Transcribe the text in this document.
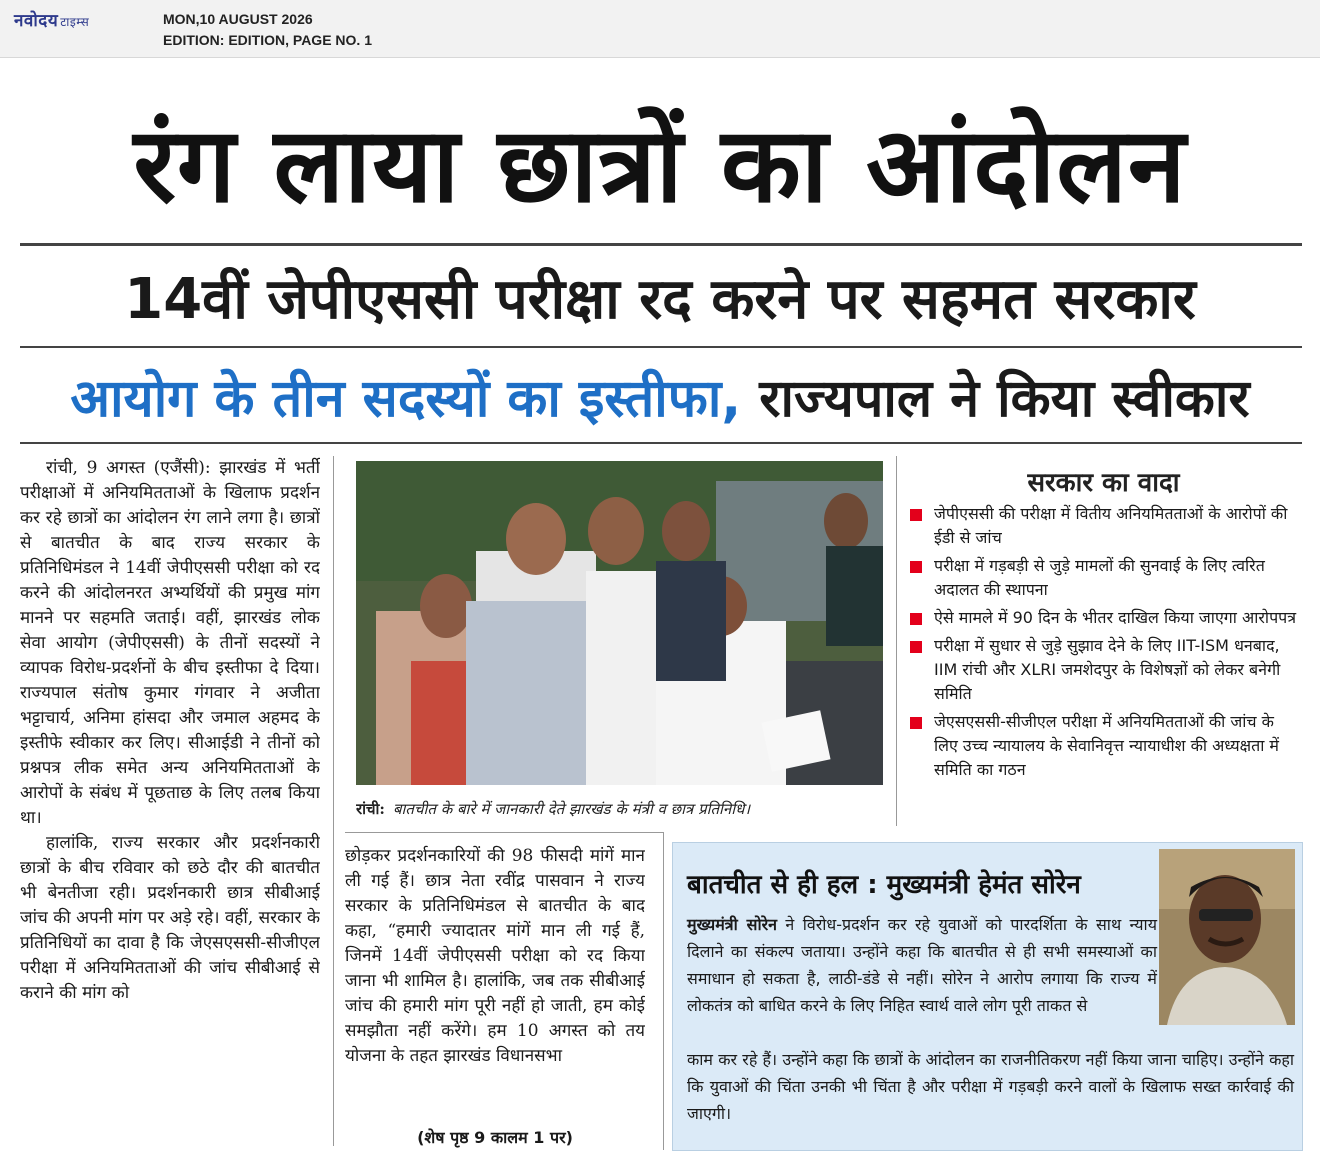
नवोदय टाइम्स	MON,10 AUGUST 2026
EDITION: EDITION, PAGE NO. 1
रंग लाया छात्रों का आंदोलन
14वीं जेपीएससी परीक्षा रद करने पर सहमत सरकार
आयोग के तीन सदस्यों का इस्तीफा, राज्यपाल ने किया स्वीकार

रांची, 9 अगस्त (एजैंसी): झारखंड में भर्ती परीक्षाओं में अनियमितताओं के खिलाफ प्रदर्शन कर रहे छात्रों का आंदोलन रंग लाने लगा है। छात्रों से बातचीत के बाद राज्य सरकार के प्रतिनिधिमंडल ने 14वीं जेपीएससी परीक्षा को रद करने की आंदोलनरत अभ्यर्थियों की प्रमुख मांग मानने पर सहमति जताई। वहीं, झारखंड लोक सेवा आयोग (जेपीएससी) के तीनों सदस्यों ने व्यापक विरोध-प्रदर्शनों के बीच इस्तीफा दे दिया। राज्यपाल संतोष कुमार गंगवार ने अजीता भट्टाचार्य, अनिमा हांसदा और जमाल अहमद के इस्तीफे स्वीकार कर लिए। सीआईडी ने तीनों को प्रश्नपत्र लीक समेत अन्य अनियमितताओं के आरोपों के संबंध में पूछताछ के लिए तलब किया था।

हालांकि, राज्य सरकार और प्रदर्शनकारी छात्रों के बीच रविवार को छठे दौर की बातचीत भी बेनतीजा रही। प्रदर्शनकारी छात्र सीबीआई जांच की अपनी मांग पर अड़े रहे। वहीं, सरकार के प्रतिनिधियों का दावा है कि जेएसएससी-सीजीएल परीक्षा में अनियमितताओं की जांच सीबीआई से कराने की मांग को

रांची: बातचीत के बारे में जानकारी देते झारखंड के मंत्री व छात्र प्रतिनिधि।
सरकार का वादा
जेपीएससी की परीक्षा में वितीय अनियमितताओं के आरोपों की ईडी से जांच
परीक्षा में गड़बड़ी से जुड़े मामलों की सुनवाई के लिए त्वरित अदालत की स्थापना
ऐसे मामले में 90 दिन के भीतर दाखिल किया जाएगा आरोपपत्र
परीक्षा में सुधार से जुड़े सुझाव देने के लिए IIT-ISM धनबाद, IIM रांची और XLRI जमशेदपुर के विशेषज्ञों को लेकर बनेगी समिति
जेएसएससी-सीजीएल परीक्षा में अनियमितताओं की जांच के लिए उच्च न्यायालय के सेवानिवृत्त न्यायाधीश की अध्यक्षता में समिति का गठन

छोड़कर प्रदर्शनकारियों की 98 फीसदी मांगें मान ली गई हैं। छात्र नेता रवींद्र पासवान ने राज्य सरकार के प्रतिनिधिमंडल से बातचीत के बाद कहा, “हमारी ज्यादातर मांगें मान ली गई हैं, जिनमें 14वीं जेपीएससी परीक्षा को रद किया जाना भी शामिल है। हालांकि, जब तक सीबीआई जांच की हमारी मांग पूरी नहीं हो जाती, हम कोई समझौता नहीं करेंगे। हम 10 अगस्त को तय योजना के तहत झारखंड विधानसभा

(शेष पृष्ठ 9 कालम 1 पर)
बातचीत से ही हल : मुख्यमंत्री हेमंत सोरेन
मुख्यमंत्री सोरेन ने विरोध-प्रदर्शन कर रहे युवाओं को पारदर्शिता के साथ न्याय दिलाने का संकल्प जताया। उन्होंने कहा कि बातचीत से ही सभी समस्याओं का समाधान हो सकता है, लाठी-डंडे से नहीं। सोरेन ने आरोप लगाया कि राज्य में लोकतंत्र को बाधित करने के लिए निहित स्वार्थ वाले लोग पूरी ताकत से
काम कर रहे हैं। उन्होंने कहा कि छात्रों के आंदोलन का राजनीतिकरण नहीं किया जाना चाहिए। उन्होंने कहा कि युवाओं की चिंता उनकी भी चिंता है और परीक्षा में गड़बड़ी करने वालों के खिलाफ सख्त कार्रवाई की जाएगी।
